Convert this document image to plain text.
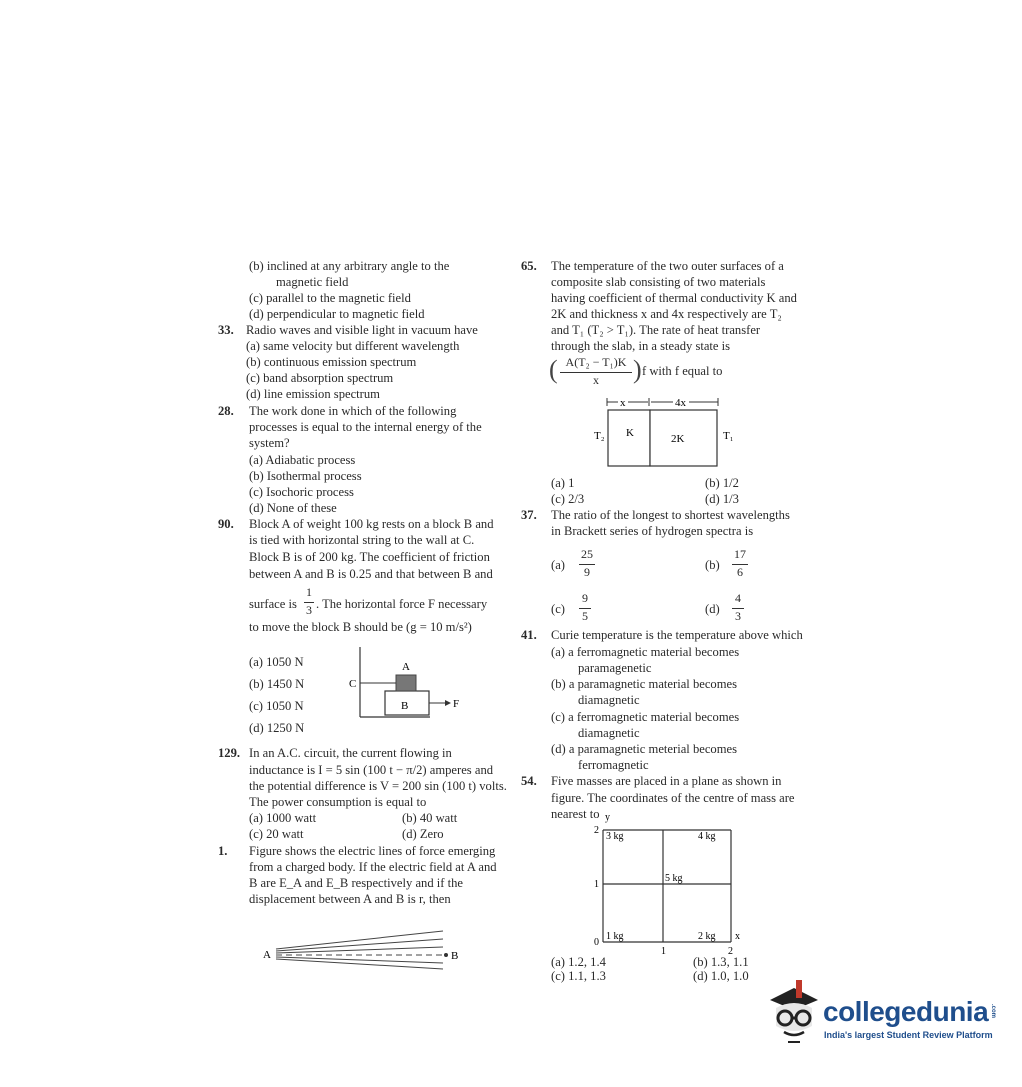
(b) inclined at any arbitrary angle to the
magnetic field
(c) parallel to the magnetic field
(d) perpendicular to magnetic field
33. Radio waves and visible light in vacuum have
(a) same velocity but different wavelength
(b) continuous emission spectrum
(c) band absorption spectrum
(d) line emission spectrum
28. The work done in which of the following
processes is equal to the internal energy of the
system?
(a) Adiabatic process
(b) Isothermal process
(c) Isochoric process
(d) None of these
90. Block A of weight 100 kg rests on a block B and
is tied with horizontal string to the wall at C.
Block B is of 200 kg. The coefficient of friction
between A and B is 0.25 and that between B and
surface is
1
3 . The horizontal force F necessary
to move the block B should be (g = 10 m/s²)
(a) 1050 N
(b) 1450 N
(c) 1050 N
(d) 1250 N
A
B
C
F
129. In an A.C. circuit, the current flowing in
inductance is I = 5 sin (100 t − π/2) amperes and
the potential difference is V = 200 sin (100 t) volts.
The power consumption is equal to
(a) 1000 watt	(b) 40 watt
(c) 20 watt	(d) Zero
1. Figure shows the electric lines of force emerging
from a charged body. If the electric field at A and
B are E_A and E_B respectively and if the
displacement between A and B is r, then
A	B
65. The temperature of the two outer surfaces of a
composite slab consisting of two materials
having coefficient of thermal conductivity K and
2K and thickness x and 4x respectively are T₂
and T₁ (T₂ > T₁). The rate of heat transfer
through the slab, in a steady state is
( A(T₂ − T₁)K
x	) f with f equal to
x	4x
T₂ K	2K	T₁
(a) 1	(b) 1/2
(c) 2/3	(d) 1/3
37. The ratio of the longest to shortest wavelengths
in Brackett series of hydrogen spectra is
(a)
25
9	(b)
17
6
(c)
9
5	(d)
4
3
41. Curie temperature is the temperature above which
(a) a ferromagnetic material becomes
paramagenetic
(b) a paramagnetic material becomes
diamagnetic
(c) a ferromagnetic material becomes
diamagnetic
(d) a paramagnetic meterial becomes
ferromagnetic
54. Five masses are placed in a plane as shown in
figure. The coordinates of the centre of mass are
nearest to y
x
2
1
0
1	2
3 kg	4 kg
5 kg
1 kg	2 kg
(a) 1.2, 1.4	(b) 1.3, 1.1
(c) 1.1, 1.3	(d) 1.0, 1.0
collegedunia .com
India's largest Student Review Platform
